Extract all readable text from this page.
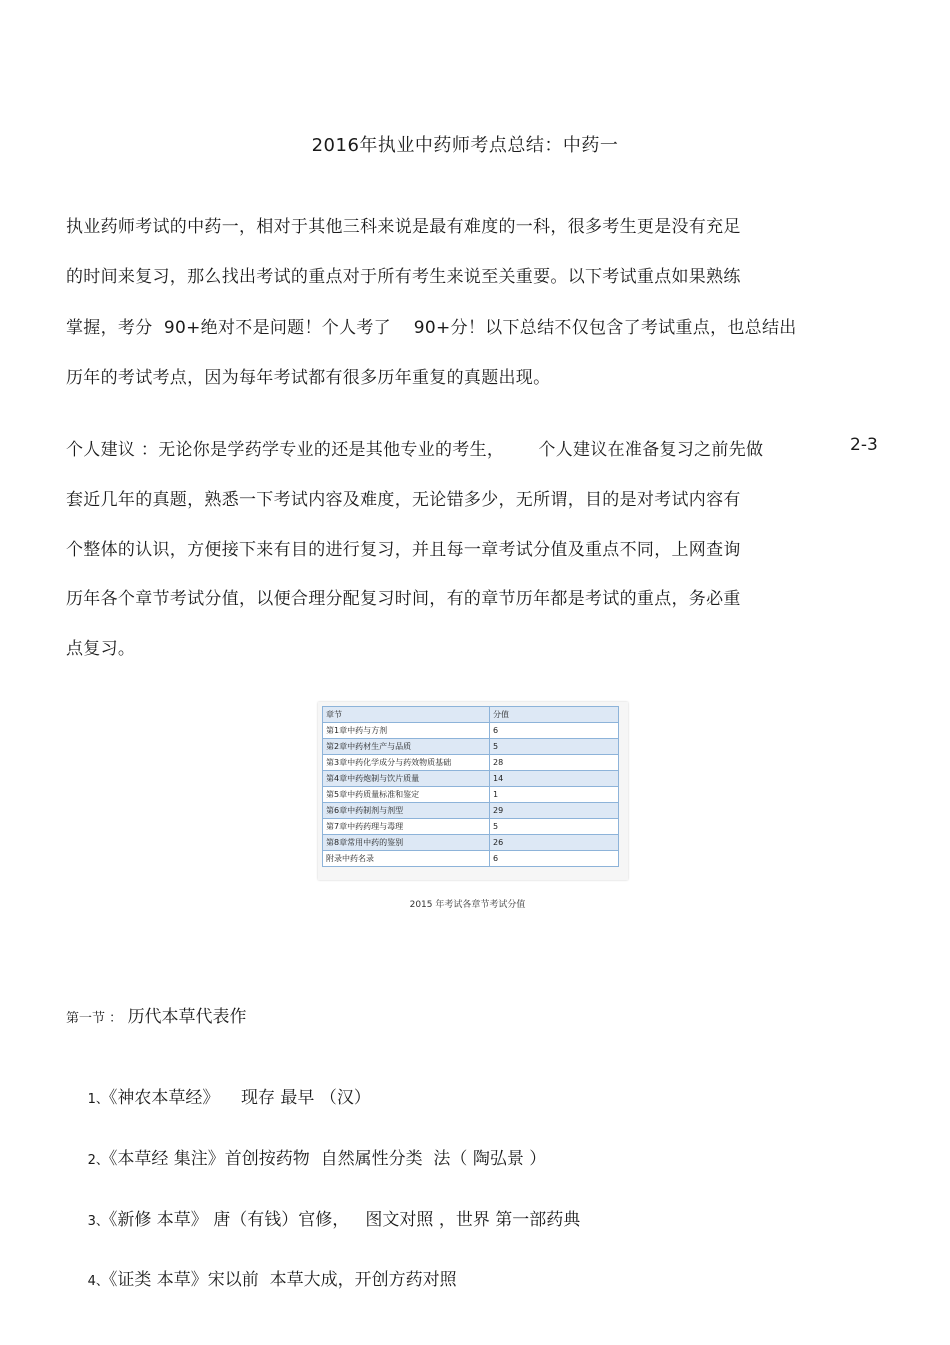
2016年执业中药师考点总结：中药一
执业药师考试的中药一，相对于其他三科来说是最有难度的一科，很多考生更是没有充足
的时间来复习，那么找出考试的重点对于所有考生来说至关重要。以下考试重点如果熟练
掌握，考分  90+绝对不是问题！个人考了    90+分！以下总结不仅包含了考试重点，也总结出
历年的考试考点，因为每年考试都有很多历年重复的真题出现。
个人建议 ：无论你是学药学专业的还是其他专业的考生，      个人建议在准备复习之前先做	2-3
套近几年的真题，熟悉一下考试内容及难度，无论错多少，无所谓，目的是对考试内容有
个整体的认识，方便接下来有目的进行复习，并且每一章考试分值及重点不同，上网查询
历年各个章节考试分值，以便合理分配复习时间，有的章节历年都是考试的重点，务必重
点复习。
章节	分值
第1章中药与方剂	6
第2章中药材生产与品质	5
第3章中药化学成分与药效物质基础	28
第4章中药炮制与饮片质量	14
第5章中药质量标准和鉴定	1
第6章中药制剂与剂型	29
第7章中药药理与毒理	5
第8章常用中药的鉴别	26
附录中药名录	6
2015 年考试各章节考试分值
第一节 ： 历代本草代表作

1、《神农本草经》    现存 最早 （汉）

2、《本草经 集注》首创按药物  自然属性分类  法（ 陶弘景 ）

3、《新修 本草》 唐（有钱）官修，   图文对照 ，世界 第一部药典

4、《证类 本草》宋以前  本草大成，开创方药对照
